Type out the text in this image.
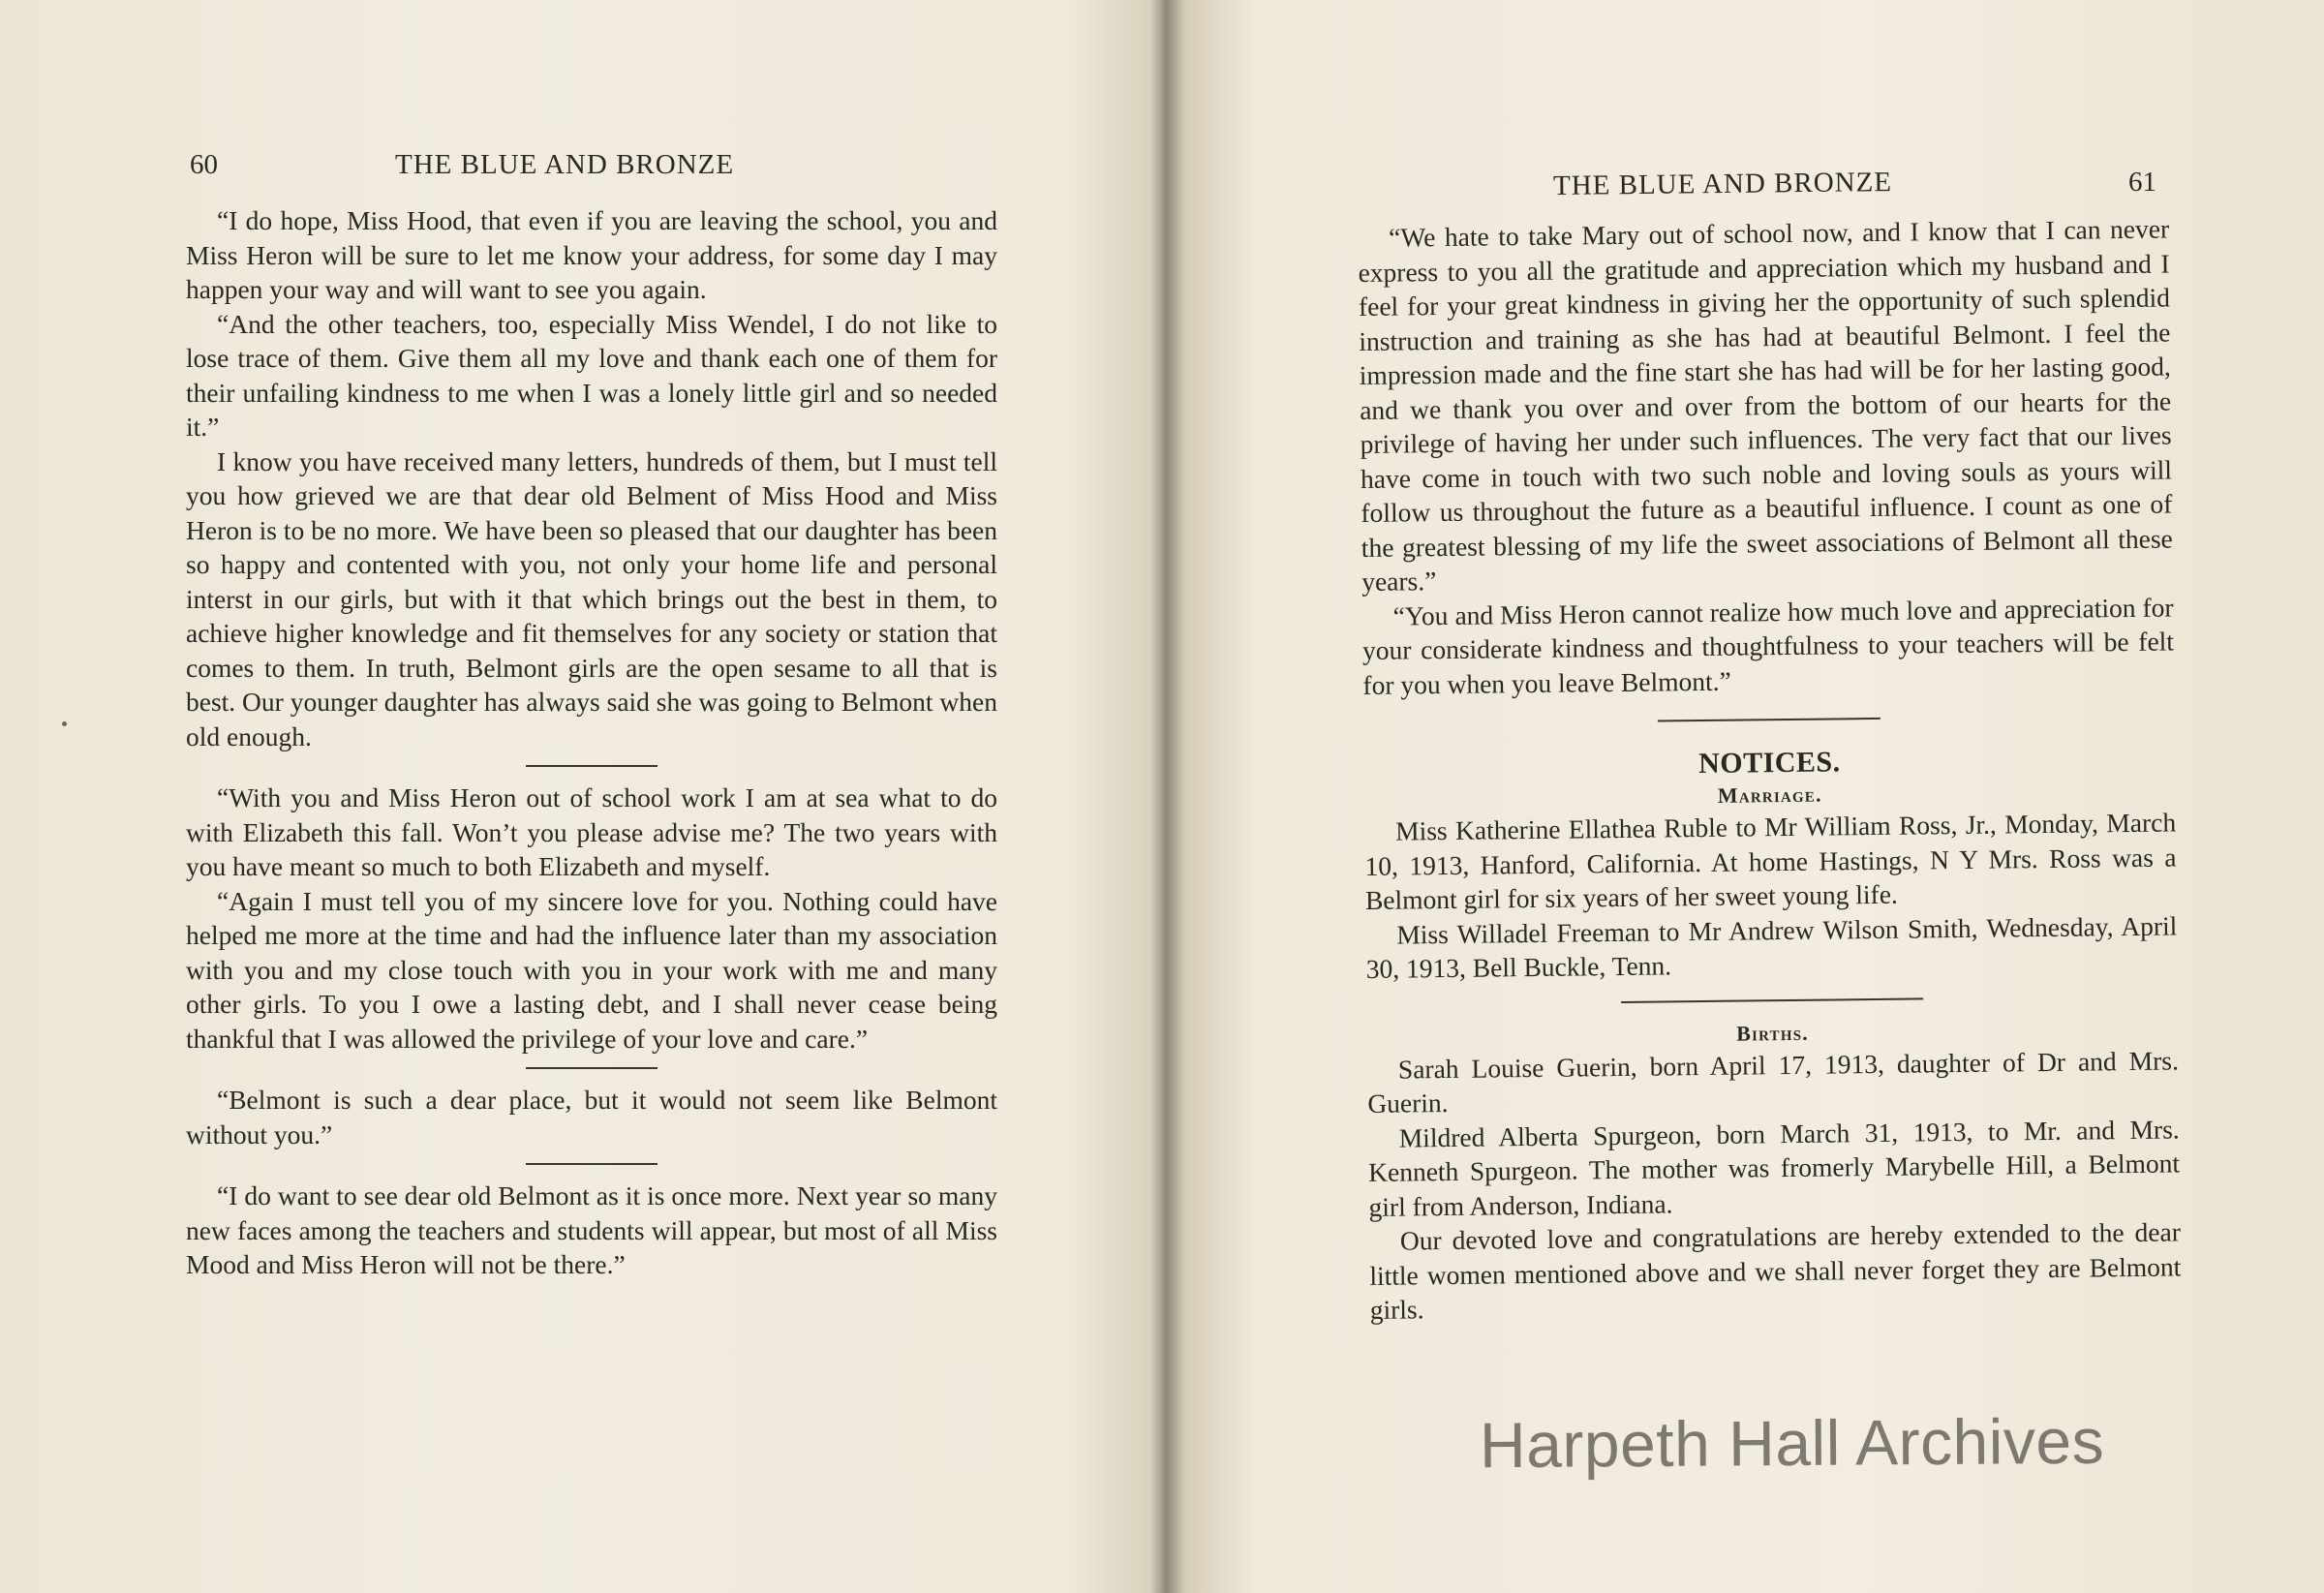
60	THE BLUE AND BRONZE

“I do hope, Miss Hood, that even if you are leaving the school, you and Miss Heron will be sure to let me know your address, for some day I may happen your way and will want to see you again.

“And the other teachers, too, especially Miss Wendel, I do not like to lose trace of them. Give them all my love and thank each one of them for their unfailing kindness to me when I was a lonely little girl and so needed it.”

I know you have received many letters, hundreds of them, but I must tell you how grieved we are that dear old Belment of Miss Hood and Miss Heron is to be no more. We have been so pleased that our daughter has been so happy and contented with you, not only your home life and personal interst in our girls, but with it that which brings out the best in them, to achieve higher knowledge and fit themselves for any society or station that comes to them. In truth, Belmont girls are the open sesame to all that is best. Our younger daughter has always said she was going to Belmont when old enough.

“With you and Miss Heron out of school work I am at sea what to do with Elizabeth this fall. Won’t you please advise me? The two years with you have meant so much to both Elizabeth and myself.

“Again I must tell you of my sincere love for you. Nothing could have helped me more at the time and had the influence later than my association with you and my close touch with you in your work with me and many other girls. To you I owe a lasting debt, and I shall never cease being thankful that I was allowed the privilege of your love and care.”

“Belmont is such a dear place, but it would not seem like Belmont without you.”

“I do want to see dear old Belmont as it is once more. Next year so many new faces among the teachers and students will appear, but most of all Miss Mood and Miss Heron will not be there.”

THE BLUE AND BRONZE	61

“We hate to take Mary out of school now, and I know that I can never express to you all the gratitude and appreciation which my husband and I feel for your great kindness in giving her the opportunity of such splendid instruction and training as she has had at beautiful Belmont. I feel the impression made and the fine start she has had will be for her lasting good, and we thank you over and over from the bottom of our hearts for the privilege of having her under such influences. The very fact that our lives have come in touch with two such noble and loving souls as yours will follow us throughout the future as a beautiful influence. I count as one of the greatest blessing of my life the sweet associations of Belmont all these years.”

“You and Miss Heron cannot realize how much love and appreciation for your considerate kindness and thoughtfulness to your teachers will be felt for you when you leave Belmont.”

NOTICES.
Marriage.

Miss Katherine Ellathea Ruble to Mr William Ross, Jr., Monday, March 10, 1913, Hanford, California. At home Hastings, N Y Mrs. Ross was a Belmont girl for six years of her sweet young life.

Miss Willadel Freeman to Mr Andrew Wilson Smith, Wednesday, April 30, 1913, Bell Buckle, Tenn.

Births.

Sarah Louise Guerin, born April 17, 1913, daughter of Dr and Mrs. Guerin.

Mildred Alberta Spurgeon, born March 31, 1913, to Mr. and Mrs. Kenneth Spurgeon. The mother was fromerly Marybelle Hill, a Belmont girl from Anderson, Indiana.

Our devoted love and congratulations are hereby extended to the dear little women mentioned above and we shall never forget they are Belmont girls.

Harpeth Hall Archives
